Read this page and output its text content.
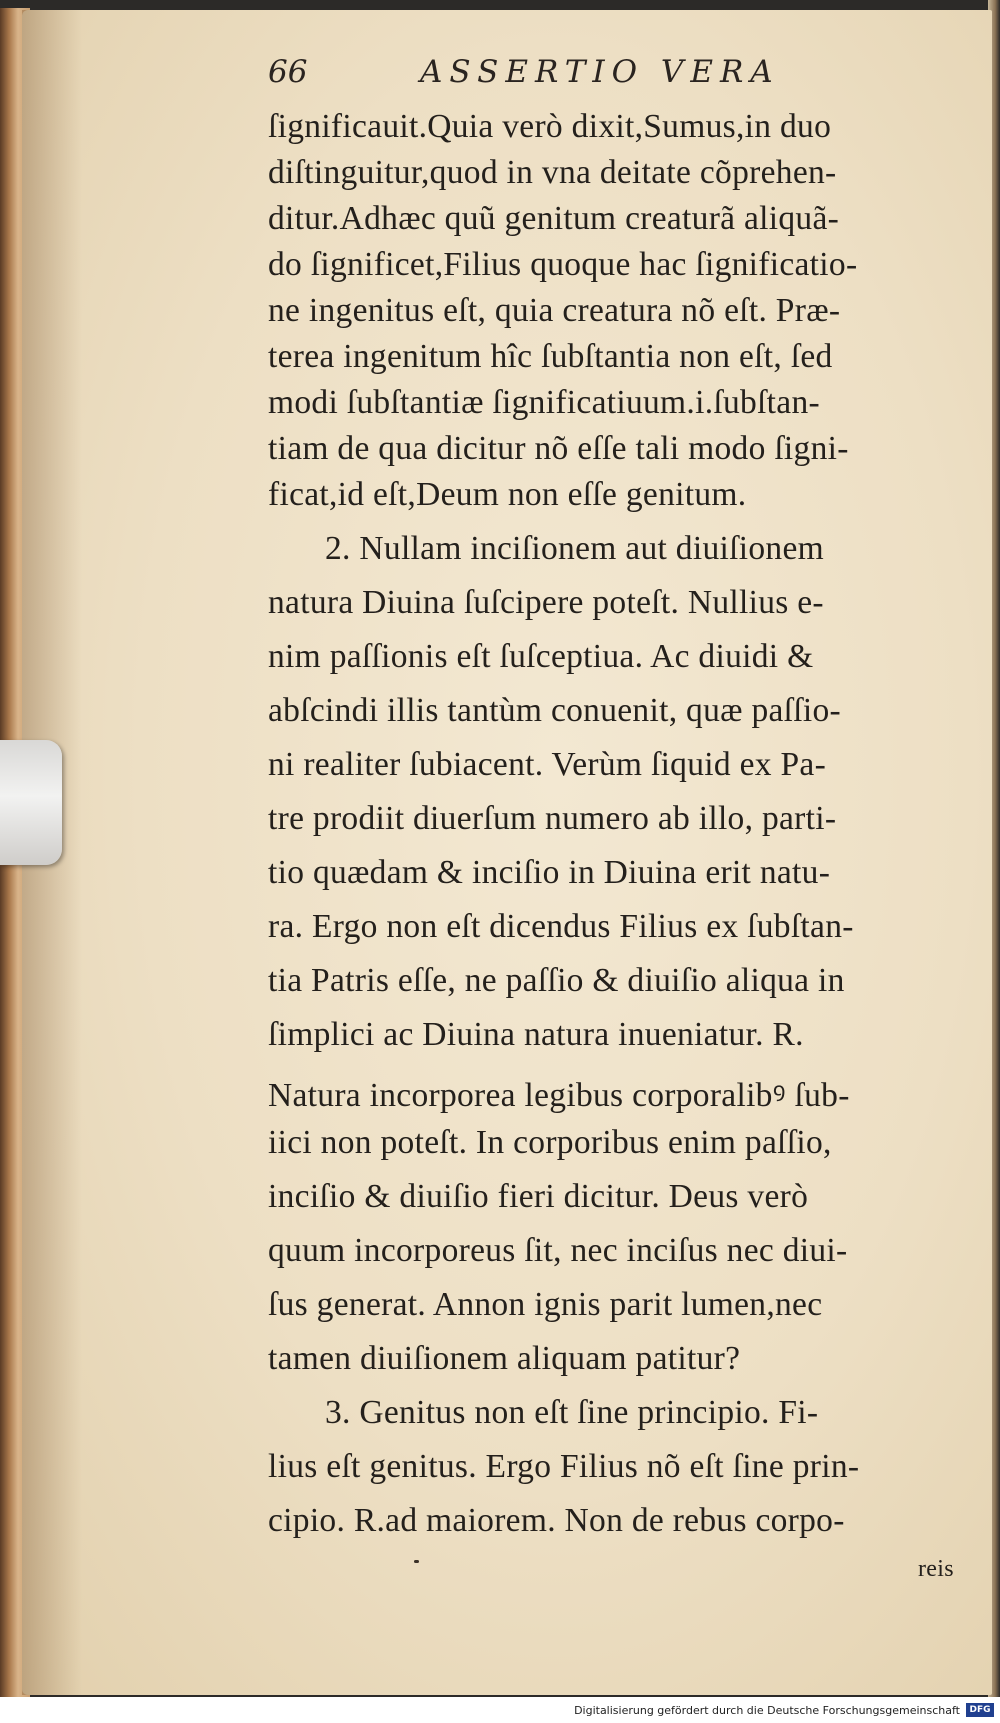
66	ASSERTIO VERA
ſignificauit.Quia verò dixit,Sumus,in duo
diſtinguitur,quod in vna deitate cõprehen-
ditur.Adhæc quũ genitum creaturã aliquã-
do ſignificet,Filius quoque hac ſignificatio-
ne ingenitus eſt, quia creatura nõ eſt. Præ-
terea ingenitum hîc ſubſtantia non eſt, ſed
modi ſubſtantiæ ſignificatiuum.i.ſubſtan-
tiam de qua dicitur nõ eſſe tali modo ſigni-
ficat,id eſt,Deum non eſſe genitum.
2. Nullam inciſionem aut diuiſionem
natura Diuina ſuſcipere poteſt. Nullius e-
nim paſſionis eſt ſuſceptiua. Ac diuidi &
abſcindi illis tantùm conuenit, quæ paſſio-
ni realiter ſubiacent. Verùm ſiquid ex Pa-
tre prodiit diuerſum numero ab illo, parti-
tio quædam & inciſio in Diuina erit natu-
ra. Ergo non eſt dicendus Filius ex ſubſtan-
tia Patris eſſe, ne paſſio & diuiſio aliqua in
ſimplici ac Diuina natura inueniatur. R.
Natura incorporea legibus corporalibꝰ ſub-
iici non poteſt. In corporibus enim paſſio,
inciſio & diuiſio fieri dicitur. Deus verò
quum incorporeus ſit, nec inciſus nec diui-
ſus generat. Annon ignis parit lumen,nec
tamen diuiſionem aliquam patitur?
3. Genitus non eſt ſine principio. Fi-
lius eſt genitus. Ergo Filius nõ eſt ſine prin-
cipio. R.ad maiorem. Non de rebus corpo-
reis
Digitalisierung gefördert durch die Deutsche Forschungsgemeinschaft	DFG
